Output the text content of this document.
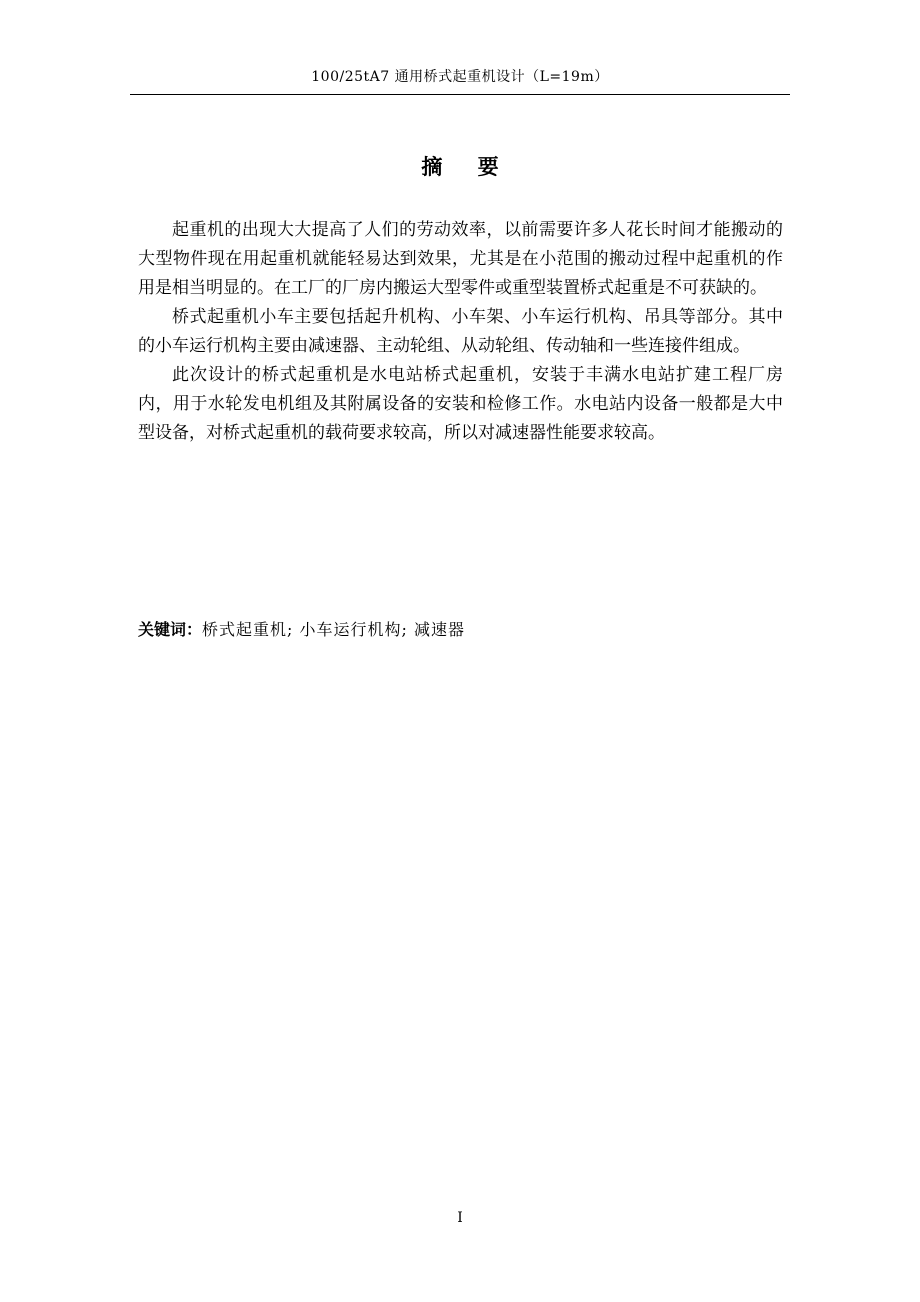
100/25tA7 通用桥式起重机设计（L=19m）
摘 要

起重机的出现大大提高了人们的劳动效率，以前需要许多人花长时间才能搬动的大型物件现在用起重机就能轻易达到效果，尤其是在小范围的搬动过程中起重机的作用是相当明显的。在工厂的厂房内搬运大型零件或重型装置桥式起重是不可获缺的。

桥式起重机小车主要包括起升机构、小车架、小车运行机构、吊具等部分。其中的小车运行机构主要由减速器、主动轮组、从动轮组、传动轴和一些连接件组成。

此次设计的桥式起重机是水电站桥式起重机，安装于丰满水电站扩建工程厂房内，用于水轮发电机组及其附属设备的安装和检修工作。水电站内设备一般都是大中型设备，对桥式起重机的载荷要求较高，所以对减速器性能要求较高。

关键词：桥式起重机; 小车运行机构; 减速器
I
